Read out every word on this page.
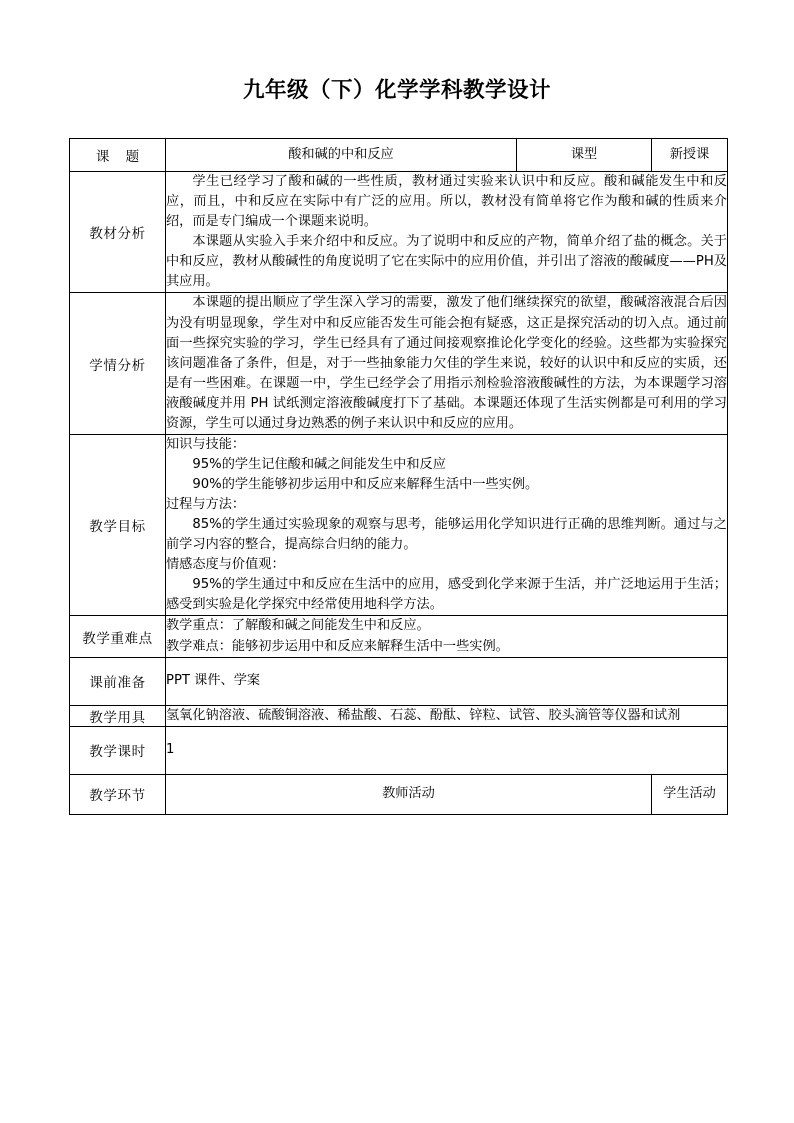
九年级（下）化学学科教学设计
课 题	酸和碱的中和反应	课型	新授课
教材分析	学生已经学习了酸和碱的一些性质，教材通过实验来认识中和反应。酸和碱能发生中和反应，而且，中和反应在实际中有广泛的应用。所以，教材没有简单将它作为酸和碱的性质来介绍，而是专门编成一个课题来说明。

本课题从实验入手来介绍中和反应。为了说明中和反应的产物，简单介绍了盐的概念。关于中和反应，教材从酸碱性的角度说明了它在实际中的应用价值，并引出了溶液的酸碱度——PH及其应用。		

学情分析	本课题的提出顺应了学生深入学习的需要，激发了他们继续探究的欲望，酸碱溶液混合后因为没有明显现象，学生对中和反应能否发生可能会抱有疑惑，这正是探究活动的切入点。通过前面一些探究实验的学习，学生已经具有了通过间接观察推论化学变化的经验。这些都为实验探究该问题准备了条件，但是，对于一些抽象能力欠佳的学生来说，较好的认识中和反应的实质，还是有一些困难。在课题一中，学生已经学会了用指示剂检验溶液酸碱性的方法，为本课题学习溶液酸碱度并用 PH 试纸测定溶液酸碱度打下了基础。本课题还体现了生活实例都是可利用的学习资源，学生可以通过身边熟悉的例子来认识中和反应的应用。		

教学目标	

知识与技能：

95%的学生记住酸和碱之间能发生中和反应

90%的学生能够初步运用中和反应来解释生活中一些实例。

过程与方法：

85%的学生通过实验现象的观察与思考，能够运用化学知识进行正确的思维判断。通过与之前学习内容的整合，提高综合归纳的能力。

情感态度与价值观：

95%的学生通过中和反应在生活中的应用，感受到化学来源于生活，并广泛地运用于生活；感受到实验是化学探究中经常使用地科学方法。

教学重难点	教学重点：了解酸和碱之间能发生中和反应。

教学难点：能够初步运用中和反应来解释生活中一些实例。		

课前准备	PPT 课件、学案		
教学用具	氢氧化钠溶液、硫酸铜溶液、稀盐酸、石蕊、酚酞、锌粒、试管、胶头滴管等仪器和试剂		
教学课时	1		
教学环节	教师活动		学生活动
